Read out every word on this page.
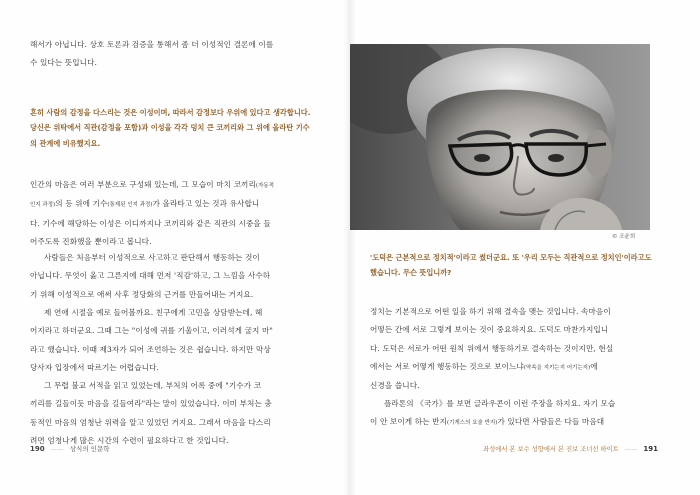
해서가 아닙니다. 상호 토론과 검증을 통해서 좀 더 이성적인 결론에 이를

수 있다는 뜻입니다.

흔히 사람의 감정을 다스리는 것은 이성이며, 따라서 감정보다 우위에 있다고 생각합니다.

당신은 위탁에서 직관(감정을 포함)과 이성을 각각 덩치 큰 코끼리와 그 위에 올라탄 기수

의 관계에 비유했지요.

인간의 마음은 여러 부분으로 구성돼 있는데, 그 모습이 마치 코끼리(자동적

인지 과정)의 등 위에 기수(통제된 인지 과정)가 올라타고 있는 것과 유사합니

다. 기수에 해당하는 이성은 이디까지나 코끼리와 같은 직관의 시중을 들

어주도록 진화했을 뿐이라고 봅니다.

사람들은 처음부터 이성적으로 사고하고 판단해서 행동하는 것이

아닙니다. 무엇이 옳고 그른지에 대해 먼저 '직감'하고, 그 느낌을 사수하

기 위해 이성적으로 애써 사후 정당화의 근거를 만들어내는 거지요.

제 연애 시절을 예로 들어볼까요. 친구에게 고민을 상담받는데, 헤

어지라고 하더군요. 그때 그는 "이성에 귀를 기울이고, 이러석게 굴지 마"

라고 했습니다. 이때 제3자가 되어 조언하는 것은 쉽습니다. 하지만 막상

당사자 입장에서 따르기는 어렵습니다.

그 무렵 불교 서적을 읽고 있었는데, 부처의 어록 중에 "기수가 코

끼리를 길들이듯 마음을 길들여라"라는 말이 있었습니다. 이미 부처는 충

동적인 마음의 엄청난 위력을 알고 있었던 거지요. 그래서 마음을 다스리

려면 엄청나게 많은 시간의 수련이 필요하다고 한 것입니다.

190 —— 상식의 인문학
© 조윤희

'도덕은 근본적으로 정치적'이라고 썼더군요. 또 '우리 모두는 직관적으로 정치인'이라고도

했습니다. 무슨 뜻입니까?

정치는 기본적으로 어떤 일을 하기 위해 결속을 맺는 것입니다. 속마음이

어떻든 간에 서로 그렇게 보이는 것이 중요하지요. 도덕도 마찬가지입니

다. 도덕은 서로가 어떤 원칙 위에서 행동하기로 결속하는 것이지만, 현실

에서는 서로 어떻게 행동하는 것으로 보이느냐(약속을 지키는지 어기는지)에

신경을 씁니다.

플라톤의 《국가》를 보면 글라우콘이 이런 주장을 하지요. 자기 모습

이 안 보이게 하는 반지(기게스의 요술 반지)가 있다면 사람들은 다들 마음대

좌성에서 본 보수 성향에서 본 진보 조너선 하이트 —— 191
